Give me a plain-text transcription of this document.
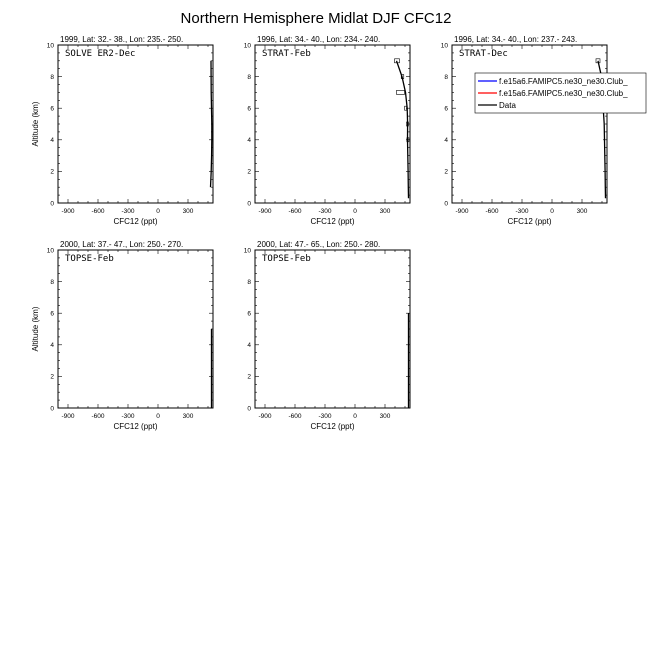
Northern Hemisphere Midlat DJF CFC12
0
2
4
6
8
10
-900	-600	-300	0	300
CFC12 (ppt)
Altitude (km)
1999, Lat: 32.- 38., Lon: 235.- 250.
SOLVE ER2-Dec
0
2
4
6
8
10
-900	-600	-300	0	300
CFC12 (ppt)
1996, Lat: 34.- 40., Lon: 234.- 240.
STRAT-Feb
0
2
4
6
8
10
-900	-600	-300	0	300
CFC12 (ppt)
1996, Lat: 34.- 40., Lon: 237.- 243.
STRAT-Dec
0
2
4
6
8
10
-900	-600	-300	0	300
CFC12 (ppt)
Altitude (km)
2000, Lat: 37.- 47., Lon: 250.- 270.
TOPSE-Feb
0
2
4
6
8
10
-900	-600	-300	0	300
CFC12 (ppt)
2000, Lat: 47.- 65., Lon: 250.- 280.
TOPSE-Feb
f.e15a6.FAMIPC5.ne30_ne30.Club_
f.e15a6.FAMIPC5.ne30_ne30.Club_
Data
